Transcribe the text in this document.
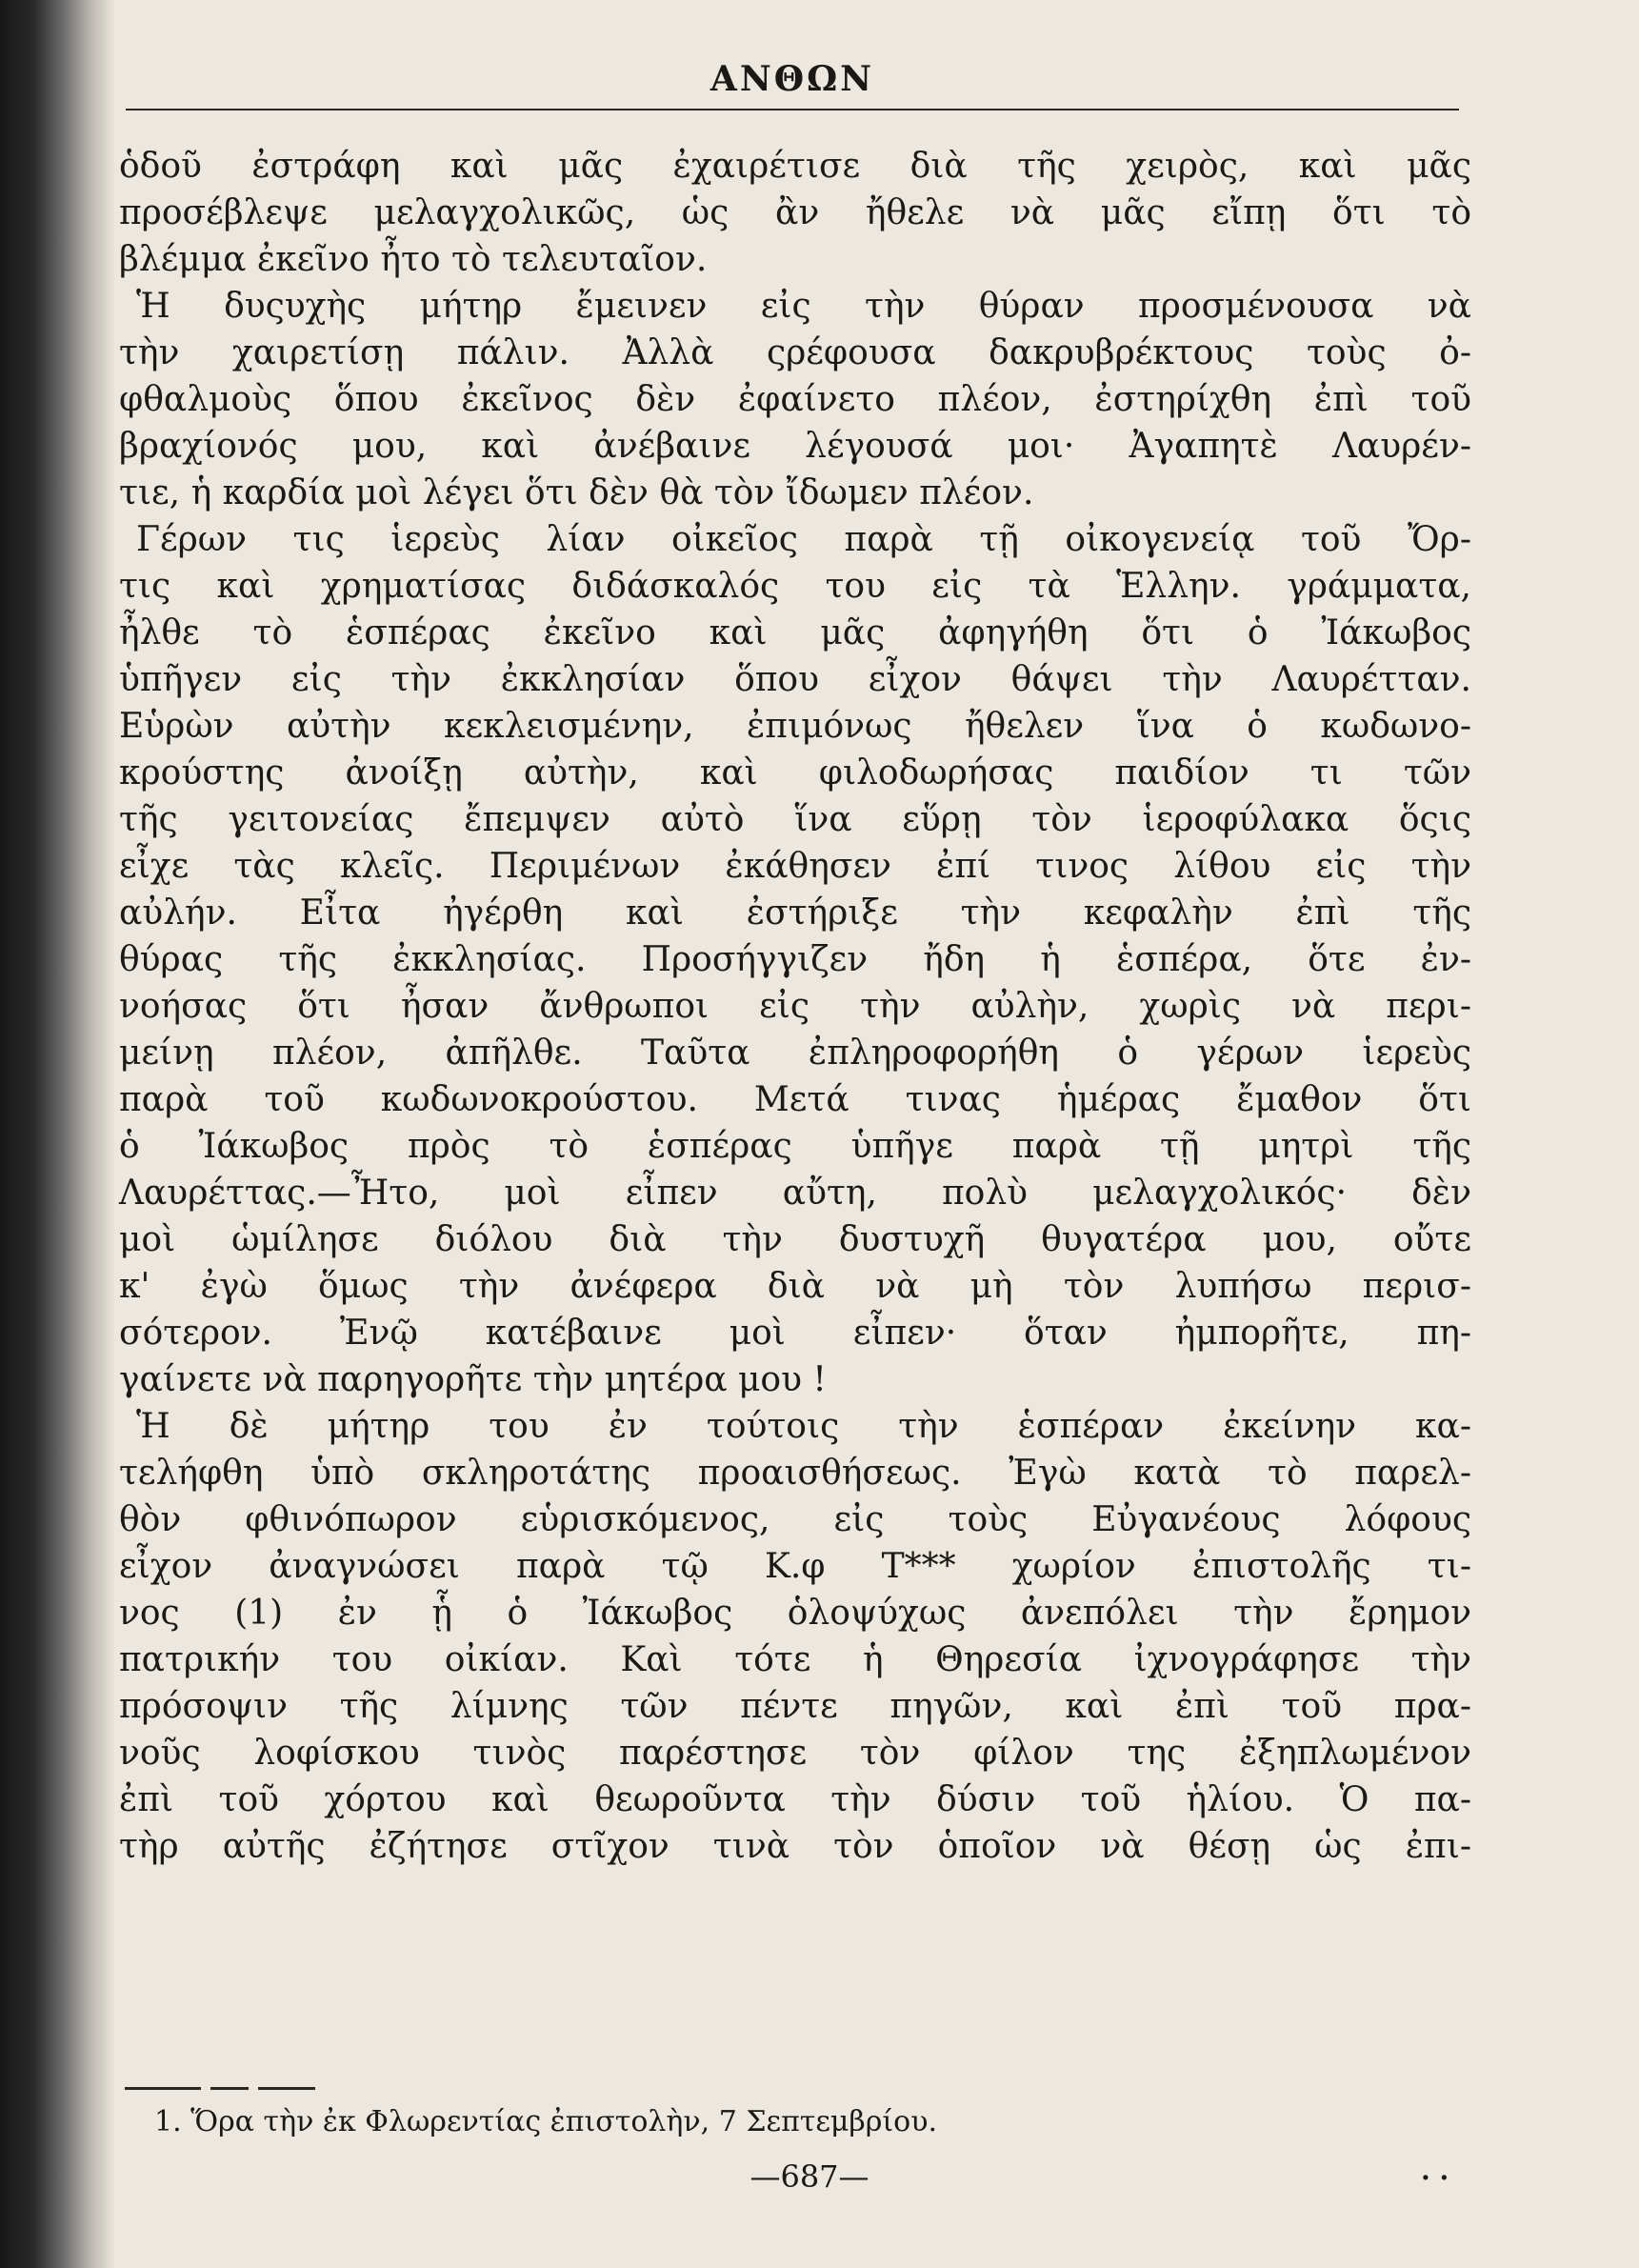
ΑΝΘΩΝ
ὁδοῦ ἐστράφη καὶ μᾶς ἐχαιρέτισε διὰ τῆς χειρὸς, καὶ μᾶς
προσέβλεψε μελαγχολικῶς, ὡς ἂν ἤθελε νὰ μᾶς εἴπῃ ὅτι τὸ
βλέμμα ἐκεῖνο ἦτο τὸ τελευταῖον.
Ἡ δυςυχὴς μήτηρ ἔμεινεν εἰς τὴν θύραν προσμένουσα νὰ
τὴν χαιρετίσῃ πάλιν. Ἀλλὰ ςρέφουσα δακρυβρέκτους τοὺς ὀ-
φθαλμοὺς ὅπου ἐκεῖνος δὲν ἐφαίνετο πλέον, ἐστηρίχθη ἐπὶ τοῦ
βραχίονός μου, καὶ ἀνέβαινε λέγουσά μοι· Ἀγαπητὲ Λαυρέν-
τιε, ἡ καρδία μοὶ λέγει ὅτι δὲν θὰ τὸν ἴδωμεν πλέον.
Γέρων τις ἱερεὺς λίαν οἰκεῖος παρὰ τῇ οἰκογενείᾳ τοῦ Ὄρ-
τις καὶ χρηματίσας διδάσκαλός του εἰς τὰ Ἑλλην. γράμματα,
ἦλθε τὸ ἑσπέρας ἐκεῖνο καὶ μᾶς ἀφηγήθη ὅτι ὁ Ἰάκωβος
ὑπῆγεν εἰς τὴν ἐκκλησίαν ὅπου εἶχον θάψει τὴν Λαυρέτταν.
Εὑρὼν αὐτὴν κεκλεισμένην, ἐπιμόνως ἤθελεν ἵνα ὁ κωδωνο-
κρούστης ἀνοίξῃ αὐτὴν, καὶ φιλοδωρήσας παιδίον τι τῶν
τῆς γειτονείας ἔπεμψεν αὐτὸ ἵνα εὕρῃ τὸν ἱεροφύλακα ὅςις
εἶχε τὰς κλεῖς. Περιμένων ἐκάθησεν ἐπί τινος λίθου εἰς τὴν
αὐλήν. Εἶτα ἠγέρθη καὶ ἐστήριξε τὴν κεφαλὴν ἐπὶ τῆς
θύρας τῆς ἐκκλησίας. Προσήγγιζεν ἤδη ἡ ἑσπέρα, ὅτε ἐν-
νοήσας ὅτι ἦσαν ἄνθρωποι εἰς τὴν αὐλὴν, χωρὶς νὰ περι-
μείνῃ πλέον, ἀπῆλθε. Ταῦτα ἐπληροφορήθη ὁ γέρων ἱερεὺς
παρὰ τοῦ κωδωνοκρούστου. Μετά τινας ἡμέρας ἔμαθον ὅτι
ὁ Ἰάκωβος πρὸς τὸ ἑσπέρας ὑπῆγε παρὰ τῇ μητρὶ τῆς
Λαυρέττας.—Ἦτο, μοὶ εἶπεν αὔτη, πολὺ μελαγχολικός· δὲν
μοὶ ὡμίλησε διόλου διὰ τὴν δυστυχῆ θυγατέρα μου, οὔτε
κ' ἐγὼ ὅμως τὴν ἀνέφερα διὰ νὰ μὴ τὸν λυπήσω περισ-
σότερον. Ἐνῷ κατέβαινε μοὶ εἶπεν· ὅταν ἠμπορῆτε, πη-
γαίνετε νὰ παρηγορῆτε τὴν μητέρα μου !
Ἡ δὲ μήτηρ του ἐν τούτοις τὴν ἑσπέραν ἐκείνην κα-
τελήφθη ὑπὸ σκληροτάτης προαισθήσεως. Ἐγὼ κατὰ τὸ παρελ-
θὸν φθινόπωρον εὑρισκόμενος, εἰς τοὺς Εὐγανέους λόφους
εἶχον ἀναγνώσει παρὰ τῷ Κ.φ Τ*** χωρίον ἐπιστολῆς τι-
νος (1) ἐν ᾗ ὁ Ἰάκωβος ὁλοψύχως ἀνεπόλει τὴν ἔρημον
πατρικήν του οἰκίαν. Καὶ τότε ἡ Θηρεσία ἰχνογράφησε τὴν
πρόσοψιν τῆς λίμνης τῶν πέντε πηγῶν, καὶ ἐπὶ τοῦ πρα-
νοῦς λοφίσκου τινὸς παρέστησε τὸν φίλον της ἐξηπλωμένον
ἐπὶ τοῦ χόρτου καὶ θεωροῦντα τὴν δύσιν τοῦ ἡλίου. Ὁ πα-
τὴρ αὐτῆς ἐζήτησε στῖχον τινὰ τὸν ὁποῖον νὰ θέσῃ ὡς ἐπι-
1. Ὅρα τὴν ἐκ Φλωρεντίας ἐπιστολὴν, 7 Σεπτεμβρίου.
—687—	. .
